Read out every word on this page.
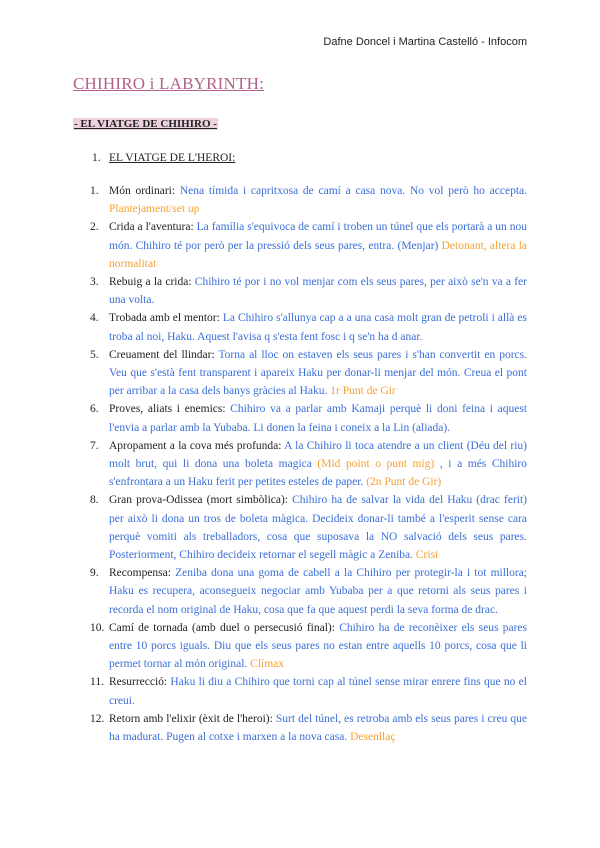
Dafne Doncel i Martina Castelló - Infocom
CHIHIRO i LABYRINTH:
- EL VIATGE DE CHIHIRO -
1. EL VIATGE DE L'HEROI:
1. Món ordinari: Nena tímida i capritxosa de camí a casa nova. No vol però ho accepta. Plantejament/set up
2. Crida a l'aventura: La família s'equivoca de camí i troben un túnel que els portarà a un nou món. Chihiro té por però per la pressió dels seus pares, entra. (Menjar) Detonant, altera la normalitat
3. Rebuig a la crida: Chihiro té por i no vol menjar com els seus pares, per això se'n va a fer una volta.
4. Trobada amb el mentor: La Chihiro s'allunya cap a a una casa molt gran de petroli i allà es troba al noi, Haku. Aquest l'avisa q s'esta fent fosc i q se'n ha d anar.
5. Creuament del llindar: Torna al lloc on estaven els seus pares i s'han convertit en porcs. Veu que s'està fent transparent i apareix Haku per donar-li menjar del món. Creua el pont per arribar a la casa dels banys gràcies al Haku. 1r Punt de Gir
6. Proves, aliats i enemics: Chihiro va a parlar amb Kamaji perquè li doni feina i aquest l'envia a parlar amb la Yubaba. Li donen la feina i coneix a la Lin (aliada).
7. Apropament a la cova més profunda: A la Chihiro li toca atendre a un client (Déu del riu) molt brut, qui li dona una boleta magica (Mid point o punt mig) , i a més Chihiro s'enfrontara a un Haku ferit per petites esteles de paper. (2n Punt de Gir)
8. Gran prova-Odissea (mort simbòlica): Chihiro ha de salvar la vida del Haku (drac ferit) per això li dona un tros de boleta màgica. Decideix donar-li també a l'esperit sense cara perquè vomiti als treballadors, cosa que suposava la NO salvació dels seus pares. Posteriorment, Chihiro decideix retornar el segell màgic a Zeniba. Crisi
9. Recompensa: Zeniba dona una goma de cabell a la Chihiro per protegir-la i tot millora; Haku es recupera, aconsegueix negociar amb Yubaba per a que retorni als seus pares i recorda el nom original de Haku, cosa que fa que aquest perdi la seva forma de drac.
10. Camí de tornada (amb duel o persecusió final): Chihiro ha de reconèixer els seus pares entre 10 porcs iguals. Diu que els seus pares no estan entre aquells 10 porcs, cosa que li permet tornar al món original. Clímax
11. Resurrecció: Haku li diu a Chihiro que torni cap al túnel sense mirar enrere fins que no el creui.
12. Retorn amb l'elixir (èxit de l'heroi): Surt del túnel, es retroba amb els seus pares i creu que ha madurat. Pugen al cotxe i marxen a la nova casa. Desenllaç
